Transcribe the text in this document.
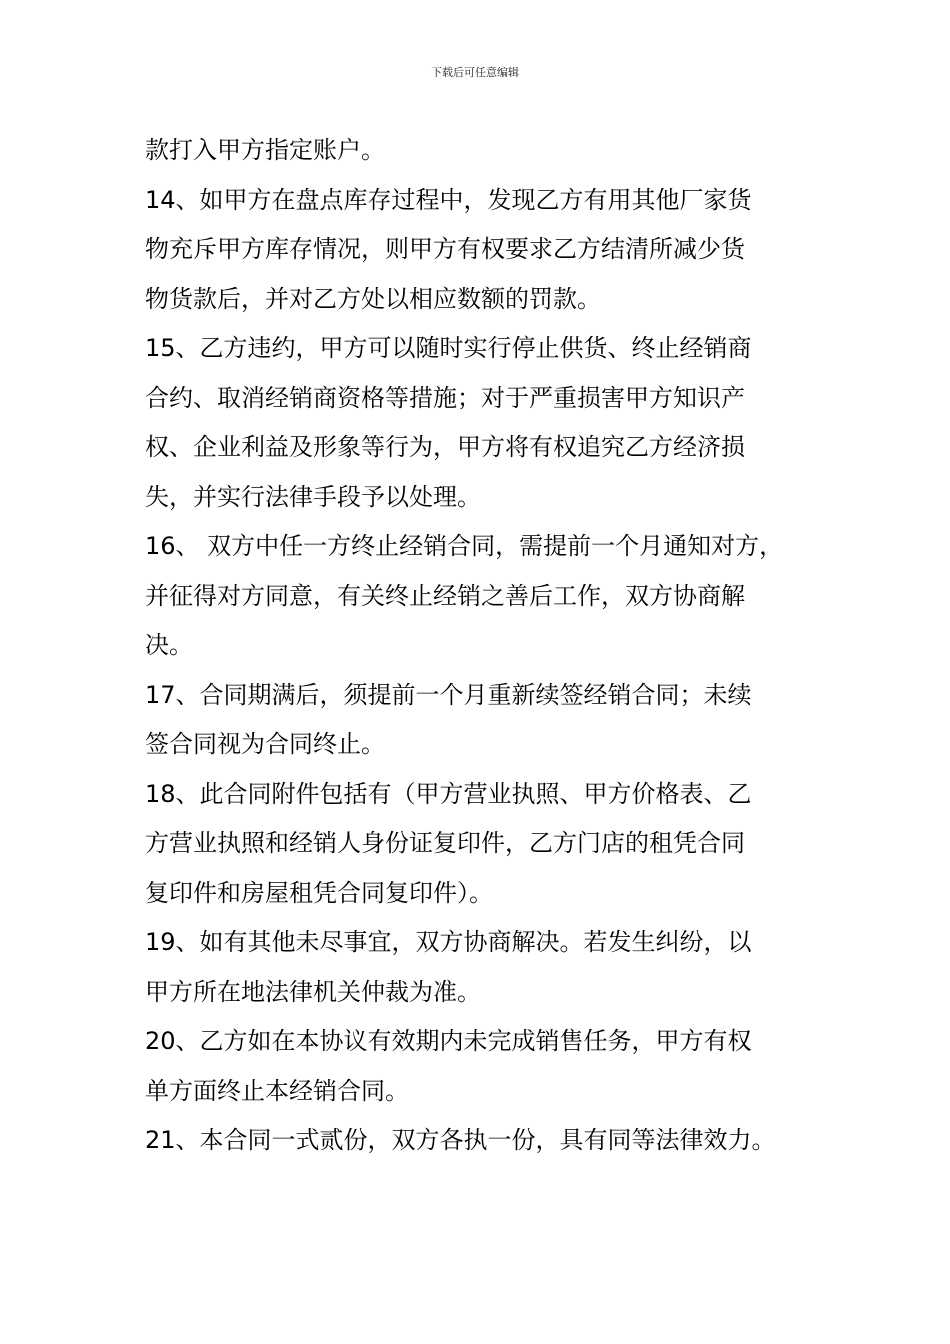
下载后可任意编辑
款打入甲方指定账户。
14、如甲方在盘点库存过程中，发现乙方有用其他厂家货
物充斥甲方库存情况，则甲方有权要求乙方结清所减少货
物货款后，并对乙方处以相应数额的罚款。
15、乙方违约，甲方可以随时实行停止供货、终止经销商
合约、取消经销商资格等措施；对于严重损害甲方知识产
权、企业利益及形象等行为，甲方将有权追究乙方经济损
失，并实行法律手段予以处理。
16、 双方中任一方终止经销合同，需提前一个月通知对方，
并征得对方同意，有关终止经销之善后工作，双方协商解
决。
17、合同期满后，须提前一个月重新续签经销合同；未续
签合同视为合同终止。
18、此合同附件包括有（甲方营业执照、甲方价格表、乙
方营业执照和经销人身份证复印件，乙方门店的租凭合同
复印件和房屋租凭合同复印件）。
19、如有其他未尽事宜，双方协商解决。若发生纠纷，以
甲方所在地法律机关仲裁为准。
20、乙方如在本协议有效期内未完成销售任务，甲方有权
单方面终止本经销合同。
21、本合同一式贰份，双方各执一份，具有同等法律效力。
